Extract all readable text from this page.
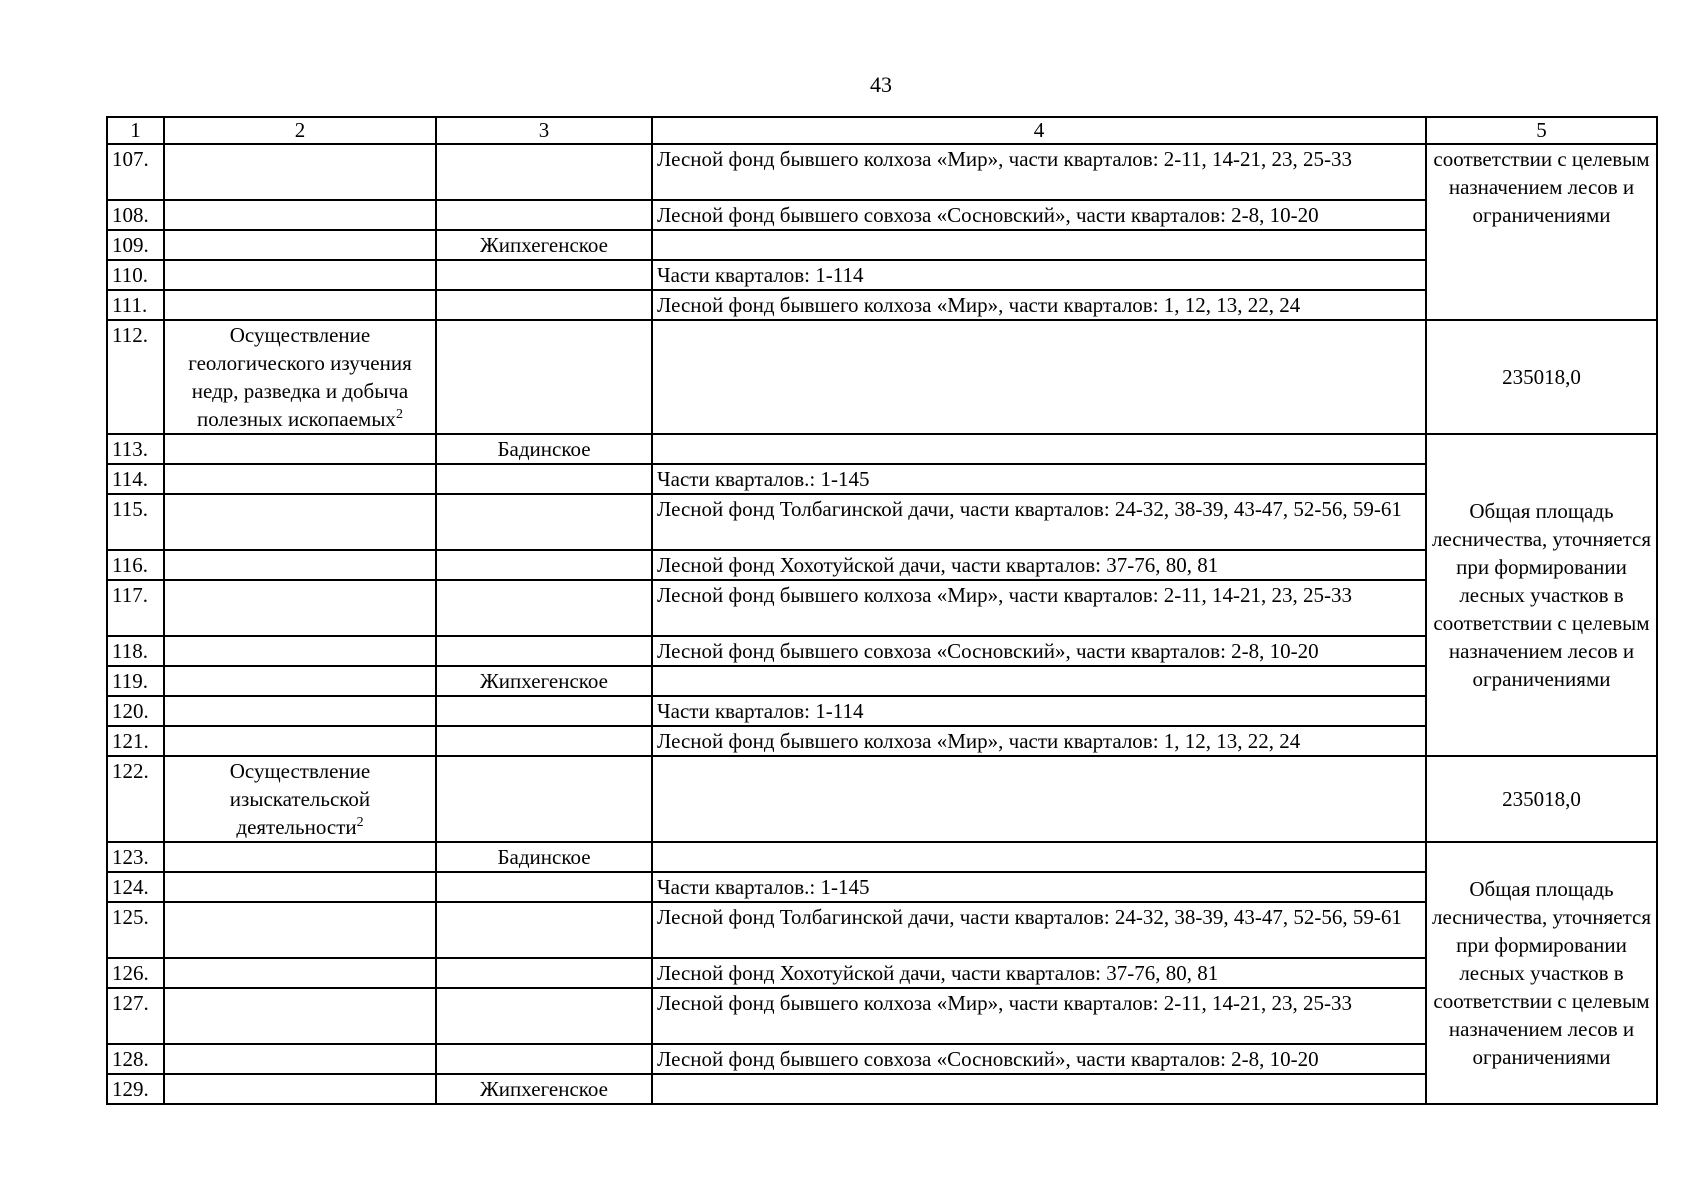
43
1	2	3	4	5
107.			Лесной фонд бывшего колхоза «Мир», части кварталов: 2-11, 14-21, 23, 25-33	соответствии с целевым назначением лесов и ограничениями
108.			Лесной фонд бывшего совхоза «Сосновский», части кварталов: 2-8, 10-20	
109.		Жипхегенское		
110.			Части кварталов: 1-114	
111.			Лесной фонд бывшего колхоза «Мир», части кварталов: 1, 12, 13, 22, 24	
112.	Осуществление геологического изучения недр, разведка и добыча полезных ископаемых$^2$			235018,0
113.		Бадинское		Общая площадь лесничества, уточняется при формировании лесных участков в соответствии с целевым назначением лесов и ограничениями
114.			Части кварталов.: 1-145	
115.			Лесной фонд Толбагинской дачи, части кварталов: 24-32, 38-39, 43-47, 52-56, 59-61	
116.			Лесной фонд Хохотуйской дачи, части кварталов: 37-76, 80, 81	
117.			Лесной фонд бывшего колхоза «Мир», части кварталов: 2-11, 14-21, 23, 25-33	
118.			Лесной фонд бывшего совхоза «Сосновский», части кварталов: 2-8, 10-20	
119.		Жипхегенское		
120.			Части кварталов: 1-114	
121.			Лесной фонд бывшего колхоза «Мир», части кварталов: 1, 12, 13, 22, 24	
122.	Осуществление изыскательской деятельности$^2$			235018,0
123.		Бадинское		Общая площадь лесничества, уточняется при формировании лесных участков в соответствии с целевым назначением лесов и ограничениями
124.			Части кварталов.: 1-145	
125.			Лесной фонд Толбагинской дачи, части кварталов: 24-32, 38-39, 43-47, 52-56, 59-61	
126.			Лесной фонд Хохотуйской дачи, части кварталов: 37-76, 80, 81	
127.			Лесной фонд бывшего колхоза «Мир», части кварталов: 2-11, 14-21, 23, 25-33	
128.			Лесной фонд бывшего совхоза «Сосновский», части кварталов: 2-8, 10-20	
129.		Жипхегенское		
